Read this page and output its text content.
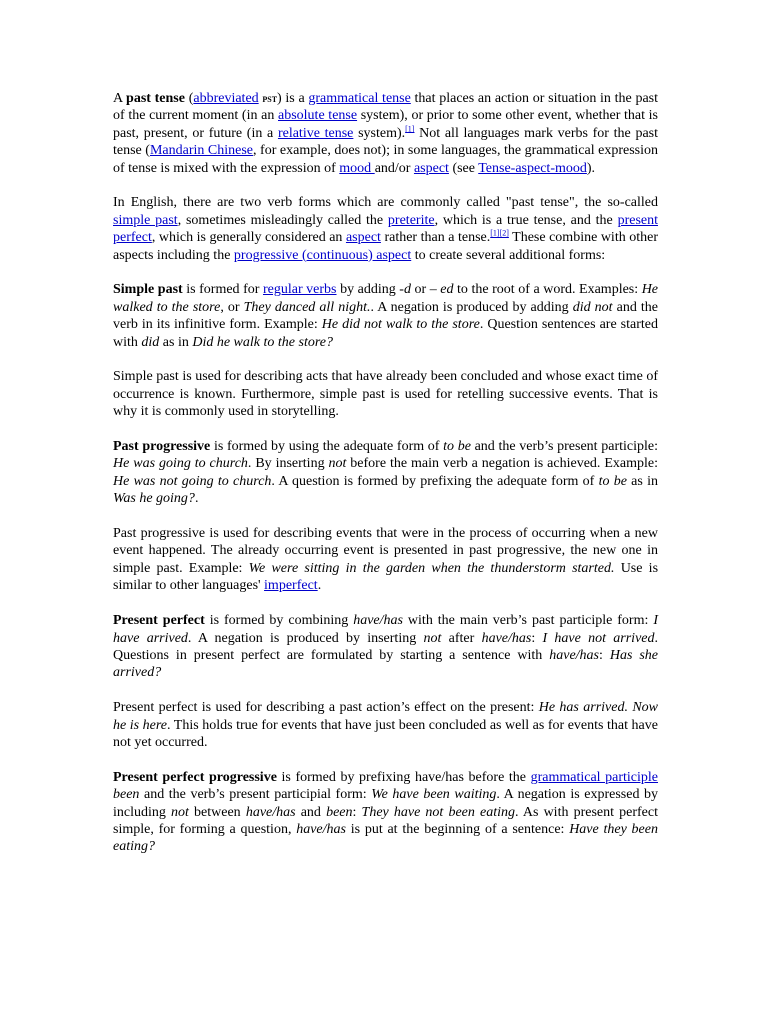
A past tense (abbreviated pst) is a grammatical tense that places an action or situation in the past of the current moment (in an absolute tense system), or prior to some other event, whether that is past, present, or future (in a relative tense system).[1] Not all languages mark verbs for the past tense (Mandarin Chinese, for example, does not); in some languages, the grammatical expression of tense is mixed with the expression of mood and/or aspect (see Tense-aspect-mood).

In English, there are two verb forms which are commonly called "past tense", the so-called simple past, sometimes misleadingly called the preterite, which is a true tense, and the present perfect, which is generally considered an aspect rather than a tense.[1][2] These combine with other aspects including the progressive (continuous) aspect to create several additional forms:

Simple past is formed for regular verbs by adding -d or – ed to the root of a word. Examples: He walked to the store, or They danced all night.. A negation is produced by adding did not and the verb in its infinitive form. Example: He did not walk to the store. Question sentences are started with did as in Did he walk to the store?

Simple past is used for describing acts that have already been concluded and whose exact time of occurrence is known. Furthermore, simple past is used for retelling successive events. That is why it is commonly used in storytelling.

Past progressive is formed by using the adequate form of to be and the verb’s present participle: He was going to church. By inserting not before the main verb a negation is achieved. Example: He was not going to church. A question is formed by prefixing the adequate form of to be as in Was he going?.

Past progressive is used for describing events that were in the process of occurring when a new event happened. The already occurring event is presented in past progressive, the new one in simple past. Example: We were sitting in the garden when the thunderstorm started. Use is similar to other languages' imperfect.

Present perfect is formed by combining have/has with the main verb’s past participle form: I have arrived. A negation is produced by inserting not after have/has: I have not arrived. Questions in present perfect are formulated by starting a sentence with have/has: Has she arrived?

Present perfect is used for describing a past action’s effect on the present: He has arrived. Now he is here. This holds true for events that have just been concluded as well as for events that have not yet occurred.

Present perfect progressive is formed by prefixing have/has before the grammatical participle been and the verb’s present participial form: We have been waiting. A negation is expressed by including not between have/has and been: They have not been eating. As with present perfect simple, for forming a question, have/has is put at the beginning of a sentence: Have they been eating?
